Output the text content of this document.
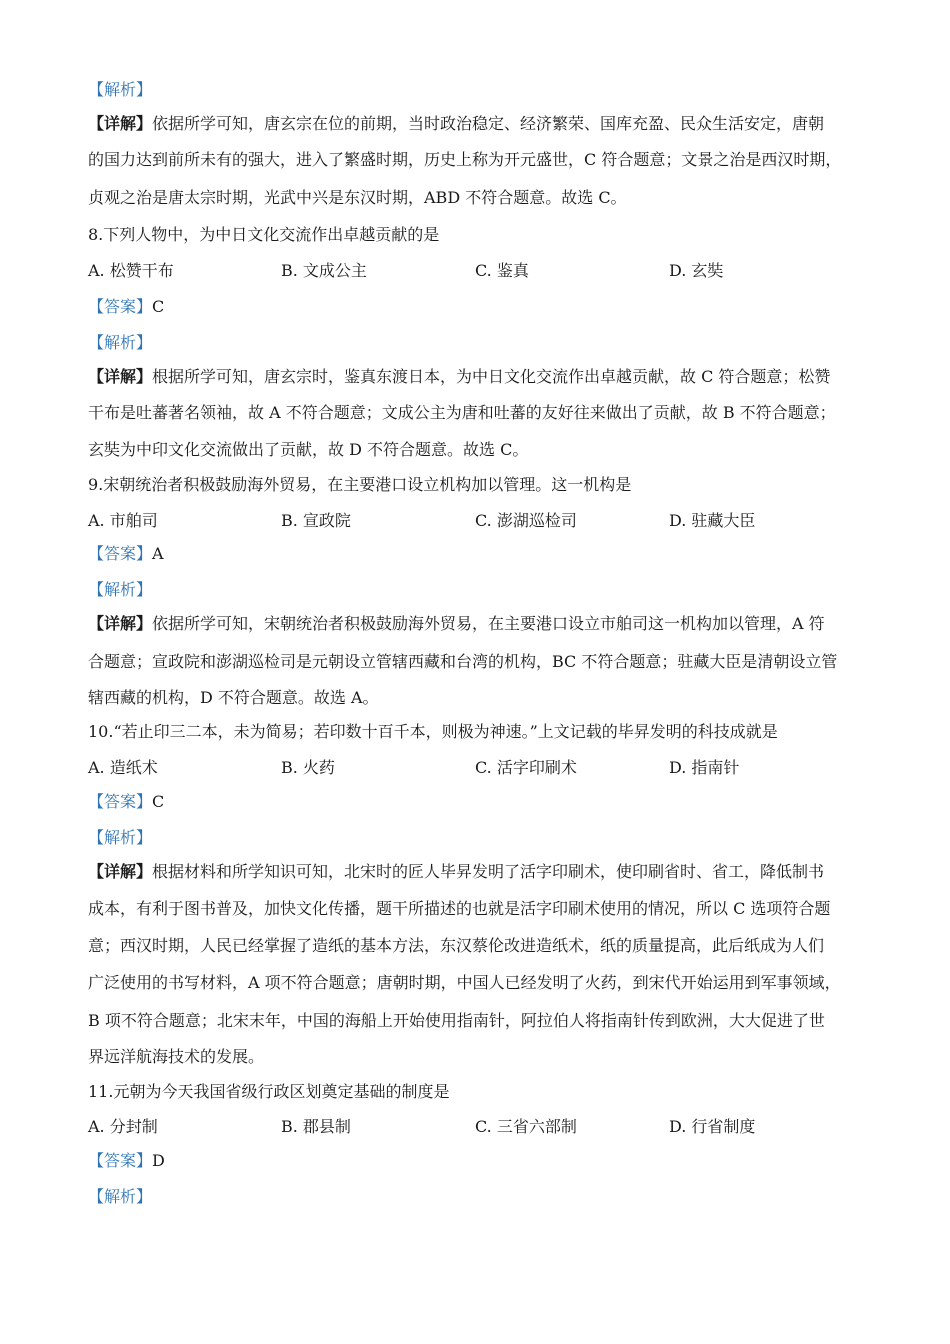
【解析】
【详解】依据所学可知，唐玄宗在位的前期，当时政治稳定、经济繁荣、国库充盈、民众生活安定，唐朝
的国力达到前所未有的强大，进入了繁盛时期，历史上称为开元盛世，C 符合题意；文景之治是西汉时期，
贞观之治是唐太宗时期，光武中兴是东汉时期，ABD 不符合题意。故选 C。
8.下列人物中，为中日文化交流作出卓越贡献的是
A. 松赞干布	B. 文成公主	C. 鉴真	D. 玄奘
【答案】C
【解析】
【详解】根据所学可知，唐玄宗时，鉴真东渡日本，为中日文化交流作出卓越贡献，故 C 符合题意；松赞
干布是吐蕃著名领袖，故 A 不符合题意；文成公主为唐和吐蕃的友好往来做出了贡献，故 B 不符合题意；
玄奘为中印文化交流做出了贡献，故 D 不符合题意。故选 C。
9.宋朝统治者积极鼓励海外贸易，在主要港口设立机构加以管理。这一机构是
A. 市舶司	B. 宣政院	C. 澎湖巡检司	D. 驻藏大臣
【答案】A
【解析】
【详解】依据所学可知，宋朝统治者积极鼓励海外贸易，在主要港口设立市舶司这一机构加以管理，A 符
合题意；宣政院和澎湖巡检司是元朝设立管辖西藏和台湾的机构，BC 不符合题意；驻藏大臣是清朝设立管
辖西藏的机构，D 不符合题意。故选 A。
10.“若止印三二本，未为简易；若印数十百千本，则极为神速。”上文记载的毕昇发明的科技成就是
A. 造纸术	B. 火药	C. 活字印刷术	D. 指南针
【答案】C
【解析】
【详解】根据材料和所学知识可知，北宋时的匠人毕昇发明了活字印刷术，使印刷省时、省工，降低制书
成本，有利于图书普及，加快文化传播，题干所描述的也就是活字印刷术使用的情况，所以 C 选项符合题
意；西汉时期，人民已经掌握了造纸的基本方法，东汉蔡伦改进造纸术，纸的质量提高，此后纸成为人们
广泛使用的书写材料，A 项不符合题意；唐朝时期，中国人已经发明了火药，到宋代开始运用到军事领域，
B 项不符合题意；北宋末年，中国的海船上开始使用指南针，阿拉伯人将指南针传到欧洲，大大促进了世
界远洋航海技术的发展。
11.元朝为今天我国省级行政区划奠定基础的制度是
A. 分封制	B. 郡县制	C. 三省六部制	D. 行省制度
【答案】D
【解析】
